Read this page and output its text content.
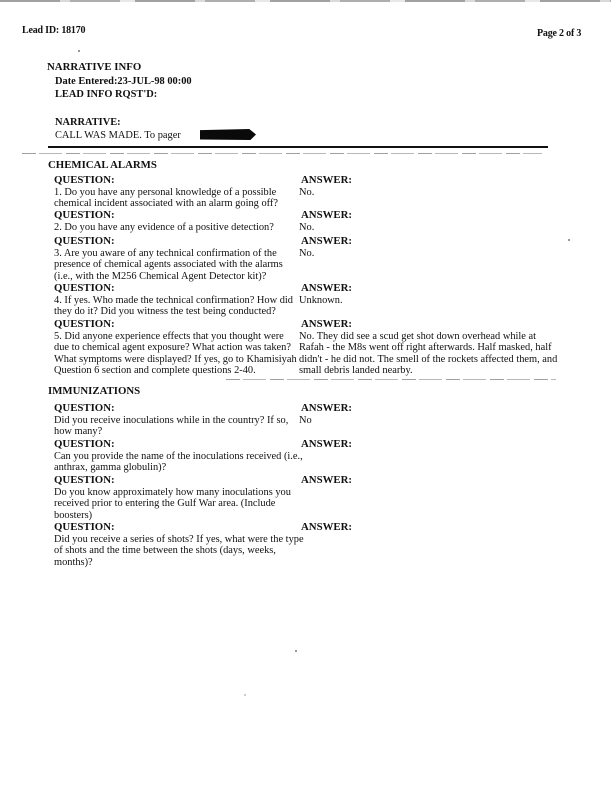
Lead ID: 18170	Page 2 of 3
NARRATIVE INFO
Date Entered:23-JUL-98 00:00
LEAD INFO RQST'D:
NARRATIVE:
CALL WAS MADE. To pager
CHEMICAL ALARMS
QUESTION:	ANSWER:
1. Do you have any personal knowledge of a possible chemical incident associated with an alarm going off?
No.
QUESTION:	ANSWER:
2. Do you have any evidence of a positive detection?	No.
QUESTION:	ANSWER:
3. Are you aware of any technical confirmation of the presence of chemical agents associated with the alarms (i.e., with the M256 Chemical Agent Detector kit)?
No.
QUESTION:	ANSWER:
4. If yes. Who made the technical confirmation? How did they do it? Did you witness the test being conducted?
Unknown.
QUESTION:	ANSWER:
5. Did anyone experience effects that you thought were due to chemical agent exposure? What action was taken? What symptoms were displayed? If yes, go to Khamisiyah Question 6 section and complete questions 2-40.
No. They did see a scud get shot down overhead while at Rafah - the M8s went off right afterwards. Half masked, half didn't - he did not. The smell of the rockets affected them, and small debris landed nearby.
IMMUNIZATIONS
QUESTION:	ANSWER:
Did you receive inoculations while in the country? If so, how many?
No
QUESTION:	ANSWER:
Can you provide the name of the inoculations received (i.e., anthrax, gamma globulin)?
QUESTION:	ANSWER:
Do you know approximately how many inoculations you received prior to entering the Gulf War area. (Include boosters)
QUESTION:	ANSWER:
Did you receive a series of shots? If yes, what were the type of shots and the time between the shots (days, weeks, months)?
